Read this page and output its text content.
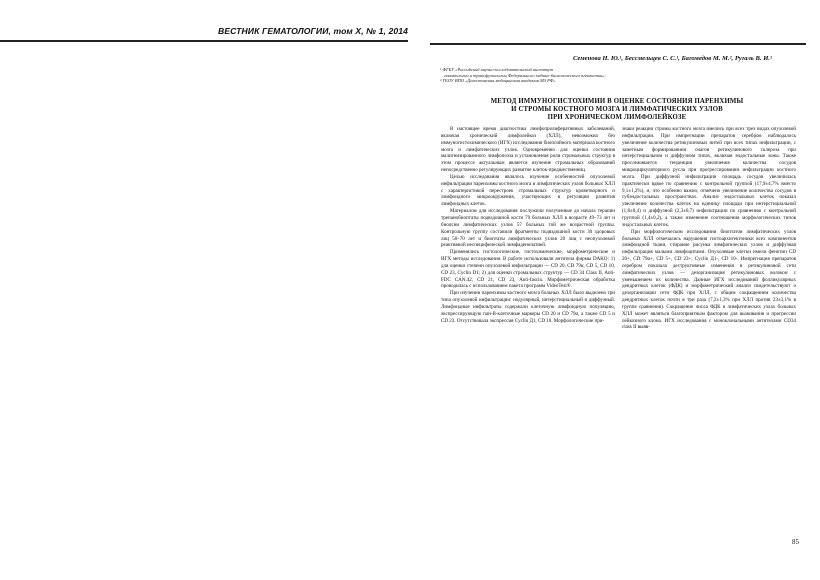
ВЕСТНИК ГЕМАТОЛОГИИ, том X, № 1, 2014
Семенова Н. Ю.¹, Бессмельцев С. С.¹, Багомедов М. М.², Ругаль В. И.¹
¹ ФГБУ «Российский научно-исследовательский институт
гематологии и трансфузиологии Федерального медико-биологического агентства»;
² ГБОУ ВПО «Дагестанская медицинская академия МЗ РФ»
МЕТОД ИММУНОГИСТОХИМИИ В ОЦЕНКЕ СОСТОЯНИЯ ПАРЕНХИМЫ
И СТРОМЫ КОСТНОГО МОЗГА И ЛИМФАТИЧЕСКИХ УЗЛОВ
ПРИ ХРОНИЧЕСКОМ ЛИМФОЛЕЙКОЗЕ

В настоящее время диагностика лимфопролиферативных заболеваний, включая хронический лимфолейкоз (ХЛЛ), невозможна без иммуногистохимического (ИГХ) исследования биопсийного материала костного мозга и лимфатических узлов. Одновременно для оценки состояния малигнизированного лимфопоэза и установления роли стромальных структур в этом процессе актуальным является изучение стромальных образований непосредственно регулирующих развитие клеток-предшественниц.

Целью исследования являлось изучение особенностей опухолевой инфильтрации паренхимы костного мозга и лимфатических узлов больных ХЛЛ с характеристикой перестроек стромальных структур кроветворного и лимфоидного микроокружения, участвующих в регуляции развития лимфоидных клеток.

Материалом для исследования послужили полученные до начала терапии трепанобиоптаты подвздошной кости 79 больных ХЛЛ в возрасте 49–73 лет и биопсии лимфатических узлов 57 больных той же возрастной группы. Контрольную группу составили фрагменты подвздошной кости 30 здоровых лиц 50–70 лет и биоптаты лимфатических узлов 20 лиц с неопухолевой реактивной неспецифической лимфаденопатией.

Применялись гистологические, гистохимические, морфометрические и ИГХ методы исследования. В работе использовали антитела фирмы DAKO: 1) для оценки степени опухолевой инфильтрации — CD 20, CD 79α, CD 5, CD 10, CD 23, Cyclin D1; 2) для оценки стромальных структур — CD 34 Class II, Anti-FDC CAN.42, CD 21, CD 23, Anti-fascin. Морфометрическая обработка проводилась с использованием пакета программ VideoTest®.

При изучении паренхимы костного мозга больных ХЛЛ было выделено три типа опухолевой инфильтрации: нодулярный, интерстициальный и диффузный. Лимфоидные инфильтраты содержали клеточную лимфоидную популяцию, экспрессирующую пан-B-клеточные маркеры CD 20 и CD 79α, а также CD 5 и CD 23. Отсутствовала экспрессия Cyclin Д1, CD 10. Морфологические при-

знаки реакции стромы костного мозга имелись при всех трех видах опухолевой инфильтрации. При импрегнации препаратов серебром наблюдалось увеличение количества ретикулиновых нитей при всех типах инфильтрации, с заметным формированием очагов ретикулинового склероза при интерстициальном и диффузном типах, включая эндостальные зоны. Также прослеживается тенденция увеличения количества сосудов микроциркуляторного русла при прогрессировании инфильтрации костного мозга. При диффузной инфильтрации площадь сосудов увеличилась практически вдвое по сравнению с контрольной группой (17,9±4,7% вместо 9,1±1,2%), и, что особенно важно, отмечено увеличение количества сосудов в субэндостальных пространствах. Анализ эндостальных клеток показал увеличение количества клеток на единицу площади при интерстициальной (1,8±0,4) и диффузной (2,3±0,7) инфильтрации по сравнению с контрольной группой (1,4±0,2), а также изменение соотношения морфологических типов эндостальных клеток.

При морфологическом исследовании биоптатов лимфатических узлов больных ХЛЛ отмечались нарушения гистоархитектоники всех компонентов лимфоидной ткани, стирание рисунка лимфатических узлов и диффузная инфильтрация малыми лимфоцитами. Опухолевые клетки имели фенотип CD 20+, CD 79α+, CD 5+, CD 23+, Cyclin Д1-, CD 10-. Импрегнация препаратов серебром показала деструктивные изменения в ретикулиновой сети лимфатических узлов — дезорганизация ретикулиновых волокон с уменьшением их количества. Данные ИГХ исследований фолликулярных дендритных клеток (ФДК) и морфометрический анализ свидетельствуют о дезорганизации сети ФДК при ХЛЛ, с общим сокращением количества дендритных клеток почти в три раза (7,2±1,3% при ХЛЛ против 23±3,1% в группе сравнения). Сокращение числа ФДК в лимфатических узлах больных ХЛЛ может являться благоприятным фактором для выживания и прогрессии лейкозного клона. ИГХ исследования с моноклональными антителами CD34 class II выяв-

85
